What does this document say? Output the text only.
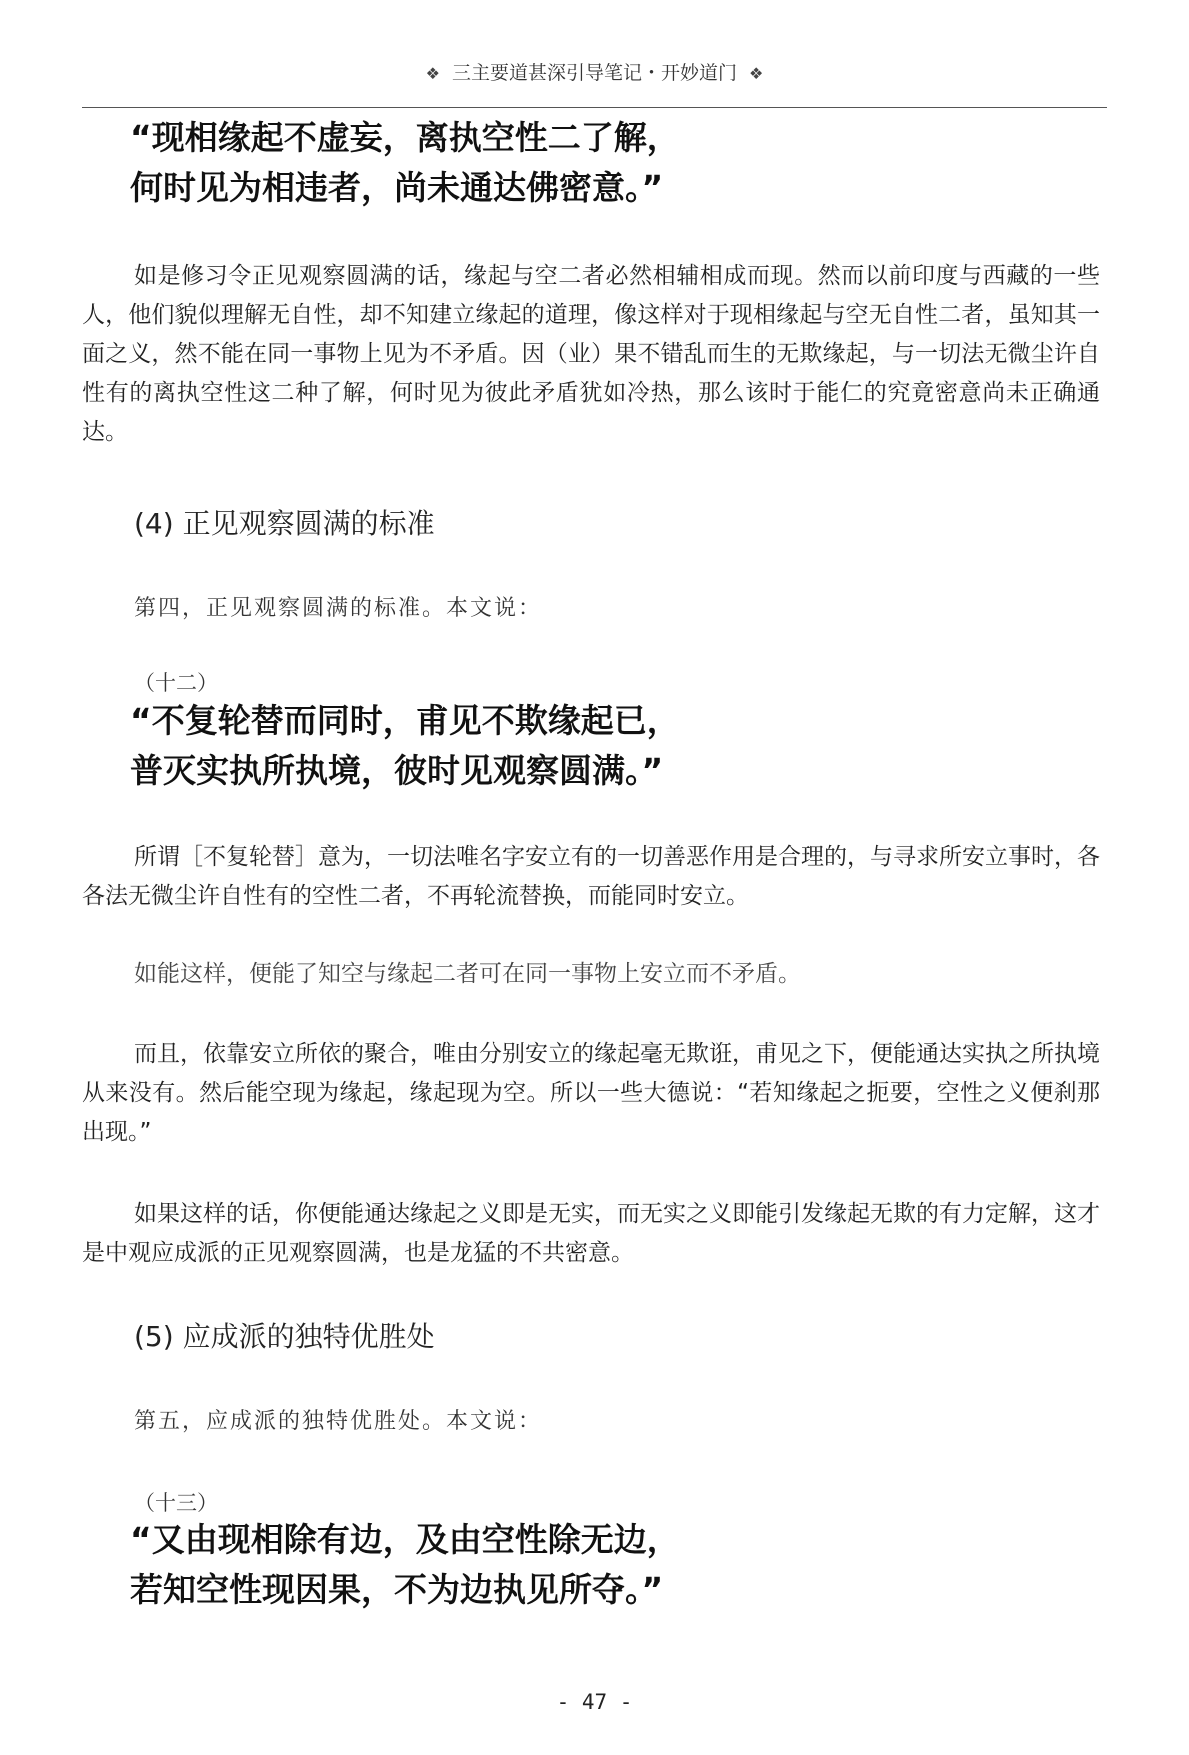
❖ 三主要道甚深引导笔记・开妙道门 ❖
“现相缘起不虚妄，离执空性二了解，
何时见为相违者，尚未通达佛密意。”

如是修习令正见观察圆满的话，缘起与空二者必然相辅相成而现。然而以前印度与西藏的一些人，他们貌似理解无自性，却不知建立缘起的道理，像这样对于现相缘起与空无自性二者，虽知其一面之义，然不能在同一事物上见为不矛盾。因（业）果不错乱而生的无欺缘起，与一切法无微尘许自性有的离执空性这二种了解，何时见为彼此矛盾犹如冷热，那么该时于能仁的究竟密意尚未正确通达。

(4) 正见观察圆满的标准
第四，正见观察圆满的标准。本文说：
（十二）
“不复轮替而同时，甫见不欺缘起已，
普灭实执所执境，彼时见观察圆满。”

所谓［不复轮替］意为，一切法唯名字安立有的一切善恶作用是合理的，与寻求所安立事时，各各法无微尘许自性有的空性二者，不再轮流替换，而能同时安立。

如能这样，便能了知空与缘起二者可在同一事物上安立而不矛盾。

而且，依靠安立所依的聚合，唯由分别安立的缘起毫无欺诳，甫见之下，便能通达实执之所执境从来没有。然后能空现为缘起，缘起现为空。所以一些大德说：“若知缘起之扼要，空性之义便刹那出现。”

如果这样的话，你便能通达缘起之义即是无实，而无实之义即能引发缘起无欺的有力定解，这才是中观应成派的正见观察圆满，也是龙猛的不共密意。

(5) 应成派的独特优胜处
第五，应成派的独特优胜处。本文说：
（十三）
“又由现相除有边，及由空性除无边，
若知空性现因果，不为边执见所夺。”
- 47 -
